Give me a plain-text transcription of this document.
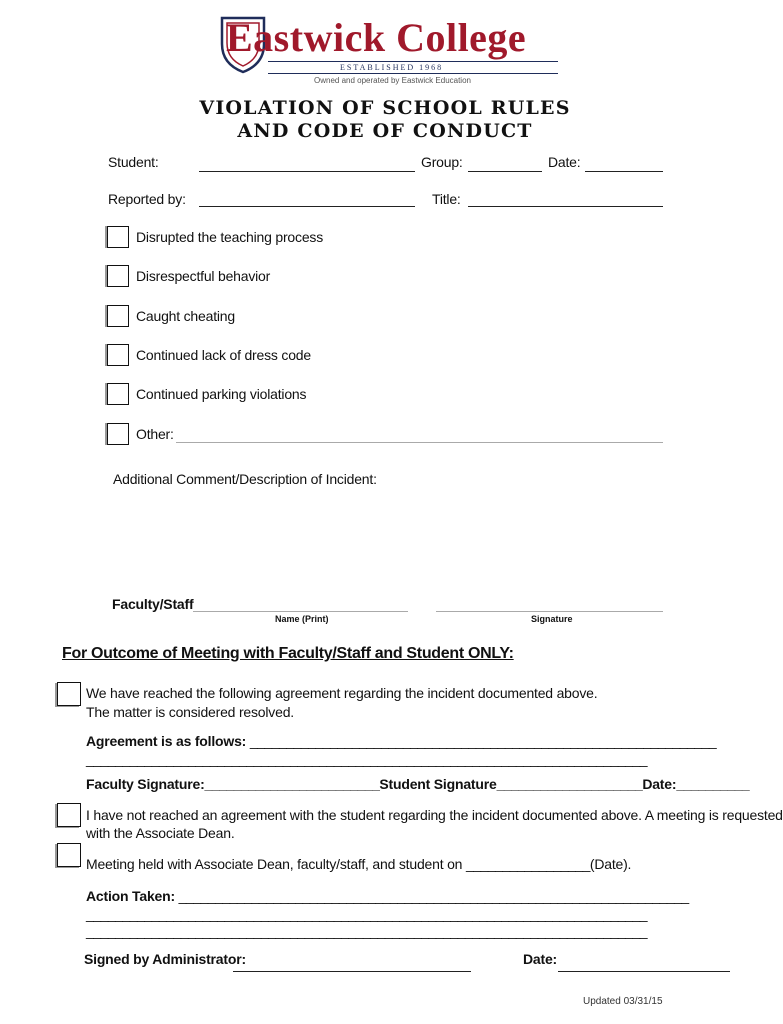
Eastwick College
ESTABLISHED 1968
Owned and operated by Eastwick Education
VIOLATION OF SCHOOL RULES
AND CODE OF CONDUCT
Student:	Group:	Date:
Reported by:	Title:
Disrupted the teaching process
Disrespectful behavior
Caught cheating
Continued lack of dress code
Continued parking violations
Other:
Additional Comment/Description of Incident:
Faculty/Staff
Name (Print)	Signature
For Outcome of Meeting with Faculty/Staff and Student ONLY:
We have reached the following agreement regarding the incident documented above.
The matter is considered resolved.
Agreement is as follows: ________________________________________________________________
_____________________________________________________________________________
Faculty Signature:________________________Student Signature____________________Date:__________
I have not reached an agreement with the student regarding the incident documented above. A meeting is requested
with the Associate Dean.
Meeting held with Associate Dean, faculty/staff, and student on _________________(Date).
Action Taken: ______________________________________________________________________
_____________________________________________________________________________
_____________________________________________________________________________
Signed by Administrator:	Date:
Updated 03/31/15
